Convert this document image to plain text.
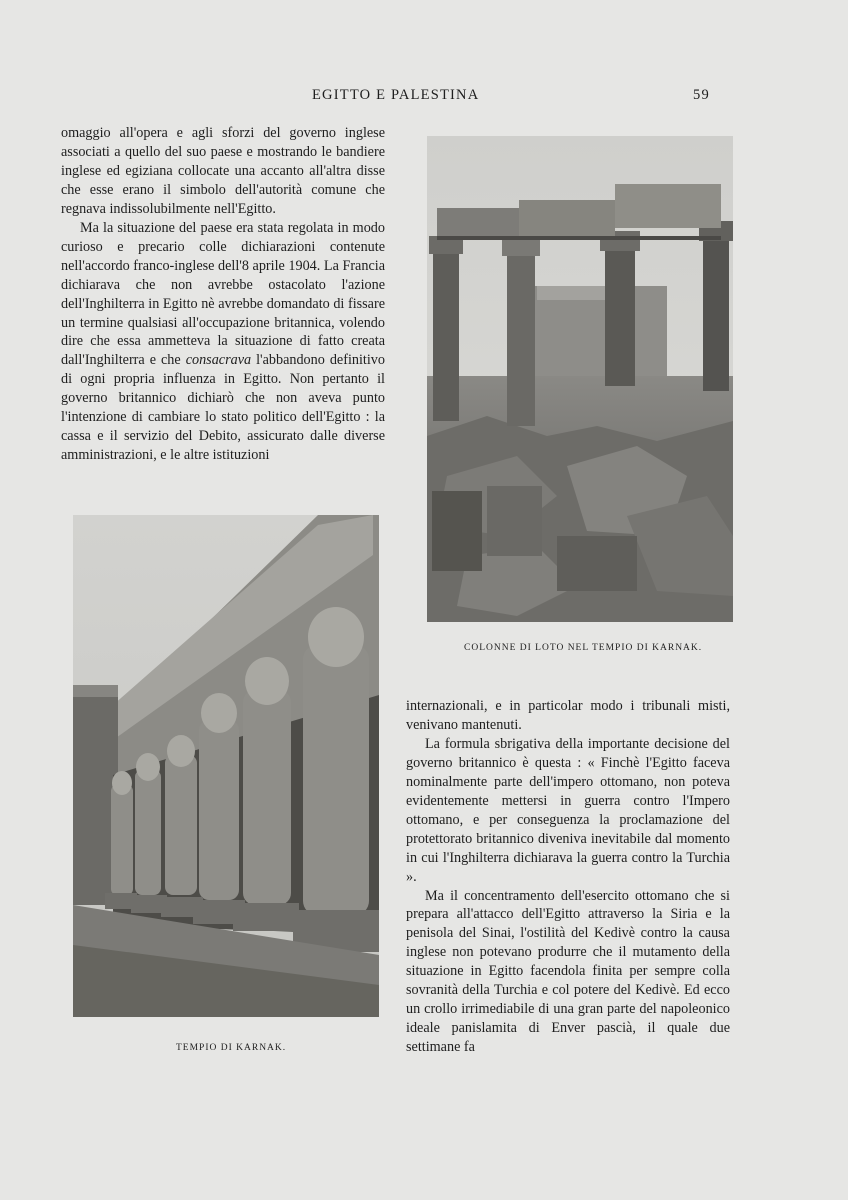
EGITTO E PALESTINA	59

omaggio all'opera e agli sforzi del governo inglese associati a quello del suo paese e mostrando le bandiere inglese ed egiziana collocate una accanto all'altra disse che esse erano il simbolo dell'autorità comune che regnava indissolubilmente nell'Egitto.

Ma la situazione del paese era stata regolata in modo curioso e precario colle dichiarazioni contenute nell'accordo franco-inglese dell'8 aprile 1904. La Francia dichiarava che non avrebbe ostacolato l'azione dell'Inghilterra in Egitto nè avrebbe domandato di fissare un termine qualsiasi all'occupazione britannica, volendo dire che essa ammetteva la situazione di fatto creata dall'Inghilterra e che consacrava l'abbandono definitivo di ogni propria influenza in Egitto. Non pertanto il governo britannico dichiarò che non aveva punto l'intenzione di cambiare lo stato politico dell'Egitto : la cassa e il servizio del Debito, assicurato dalle diverse amministrazioni, e le altre istituzioni

COLONNE DI LOTO NEL TEMPIO DI KARNAK.
TEMPIO DI KARNAK.

internazionali, e in particolar modo i tribunali misti, venivano mantenuti.

La formula sbrigativa della importante decisione del governo britannico è questa : « Finchè l'Egitto faceva nominalmente parte dell'impero ottomano, non poteva evidentemente mettersi in guerra contro l'Impero ottomano, e per conseguenza la proclamazione del protettorato britannico diveniva inevitabile dal momento in cui l'Inghilterra dichiarava la guerra contro la Turchia ».

Ma il concentramento dell'esercito ottomano che si prepara all'attacco dell'Egitto attraverso la Siria e la penisola del Sinai, l'ostilità del Kedivè contro la causa inglese non potevano produrre che il mutamento della situazione in Egitto facendola finita per sempre colla sovranità della Turchia e col potere del Kedivè. Ed ecco un crollo irrimediabile di una gran parte del napoleonico ideale panislamita di Enver pascià, il quale due settimane fa
